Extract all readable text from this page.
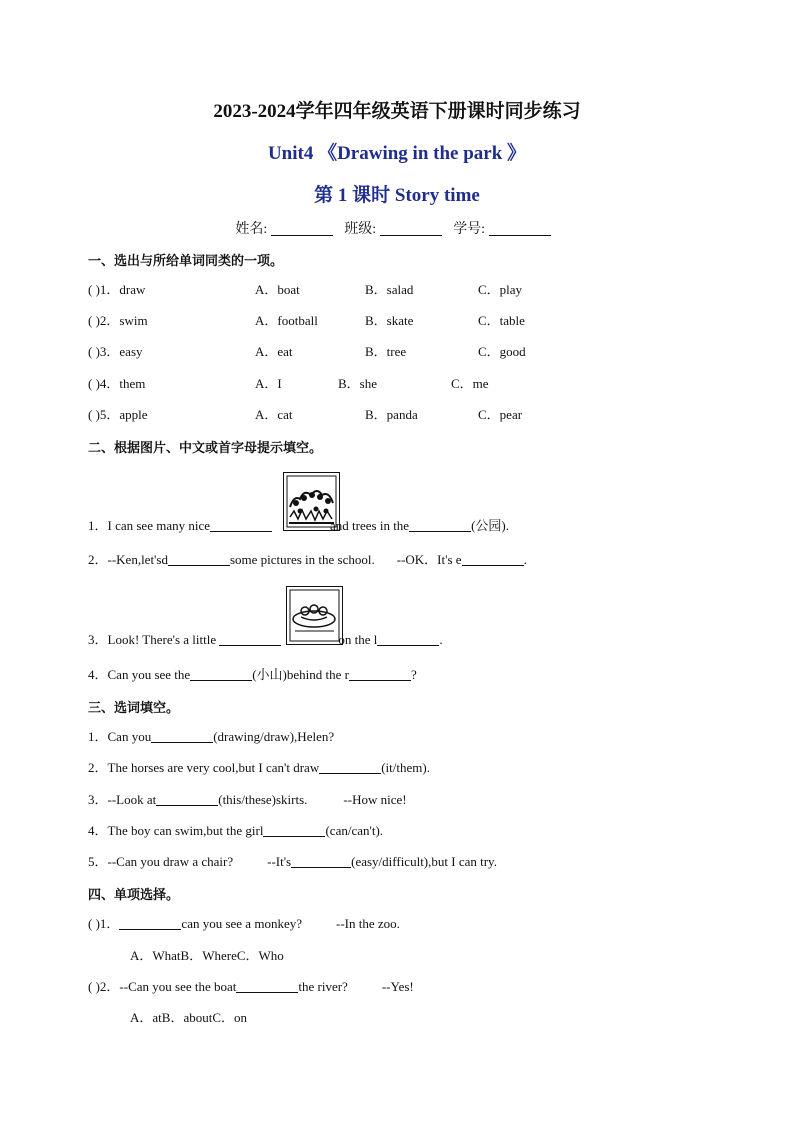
2023-2024学年四年级英语下册课时同步练习
Unit4 《Drawing in the park 》
第 1 课时 Story time
姓名:	班级:	学号:
一、选出与所给单词同类的一项。
( )1．draw	A．boat	B．salad	C．play
( )2．swim	A．football	B．skate	C．table
( )3．easy	A．eat	B．tree	C．good
( )4．them	A．I	B．she	C．me
( )5．apple	A．cat	B．panda	C．pear
二、根据图片、中文或首字母提示填空。
1．I can see many nice	and trees in the	(公园).
2．--Ken,let'sd	some pictures in the school. --OK．It's e	.
3．Look! There's a little	on the l	.
4．Can you see the	(小山)behind the r	?
三、选词填空。
1．Can you	(drawing/draw),Helen?
2．The horses are very cool,but I can't draw	(it/them).
3．--Look at	(this/these)skirts.	--How nice!
4．The boy can swim,but the girl	(can/can't).
5．--Can you draw a chair?	--It's	(easy/difficult),but I can try.
四、单项选择。
( )1．	can you see a monkey?	--In the zoo.
A．WhatB．WhereC．Who
( )2．--Can you see the boat	the river?	--Yes!
A．atB．aboutC．on
